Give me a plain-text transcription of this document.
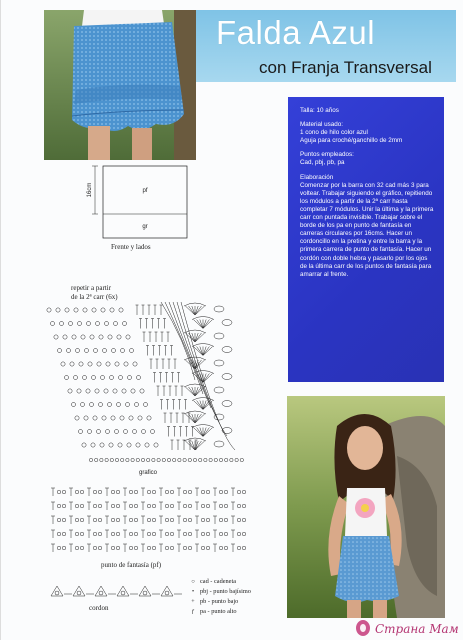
Falda Azul
con Franja Transversal
16cm	pf
gr
Frente y lados
repetir a partir
de la 2ª carr (6x)
grafico
punto de fantasía (pf)
cordon
○ cad - cadeneta
• pbj - punto bajísimo
+ pb - punto bajo
ƒ pa - punto alto

Talla: 10 años

Material usado:
1 cono de hilo color azul
Aguja para croché/ganchillo de 2mm

Puntos empleados:
Cad, pbj, pb, pa

Elaboración
Comenzar por la barra con 32 cad más 3 para voltear. Trabajar siguiendo el gráfico, repitiendo los módulos a partir de la 2ª carr hasta completar 7 módulos. Unir la última y la primera carr con puntada invisible. Trabajar sobre el borde de los pa en punto de fantasía en carreras circulares por 16cms. Hacer un cordoncillo en la pretina y entre la barra y la primera carrera de punto de fantasía. Hacer un cordón con doble hebra y pasarlo por los ojos de la última carr de los puntos de fantasía para amarrar al frente.

Страна Мам
